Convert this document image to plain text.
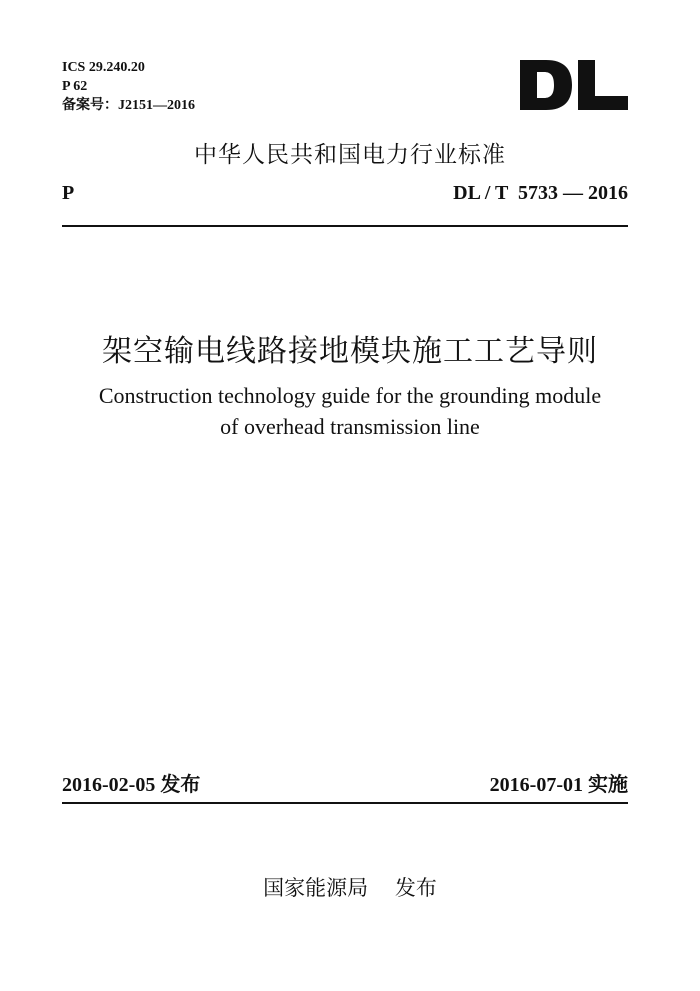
ICS 29.240.20
P 62
备案号：J2151—2016
中华人民共和国电力行业标准
P	DL / T  5733 — 2016
架空输电线路接地模块施工工艺导则
Construction technology guide for the grounding module
of overhead transmission line
2016-02-05 发布	2016-07-01 实施
国家能源局    发布
